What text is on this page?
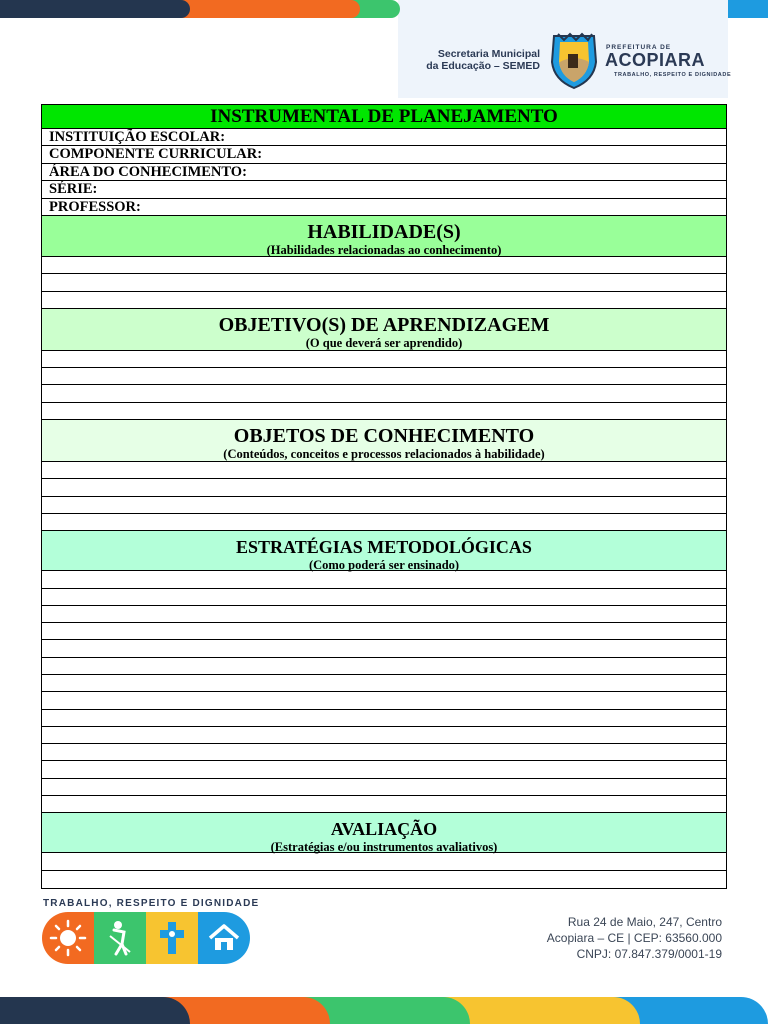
Secretaria Municipal
da Educação – SEMED
PREFEITURA DE
ACOPIARA
TRABALHO, RESPEITO E DIGNIDADE
INSTRUMENTAL DE PLANEJAMENTO
INSTITUIÇÃO ESCOLAR:
COMPONENTE CURRICULAR:
ÁREA DO CONHECIMENTO:
SÉRIE:
PROFESSOR:
HABILIDADE(S)
(Habilidades relacionadas ao conhecimento)
OBJETIVO(S) DE APRENDIZAGEM
(O que deverá ser aprendido)
OBJETOS DE CONHECIMENTO
(Conteúdos, conceitos e processos relacionados à habilidade)
ESTRATÉGIAS METODOLÓGICAS
(Como poderá ser ensinado)
AVALIAÇÃO
(Estratégias e/ou instrumentos avaliativos)
TRABALHO, RESPEITO E DIGNIDADE
Rua 24 de Maio, 247, Centro
Acopiara – CE | CEP: 63560.000
CNPJ: 07.847.379/0001-19
